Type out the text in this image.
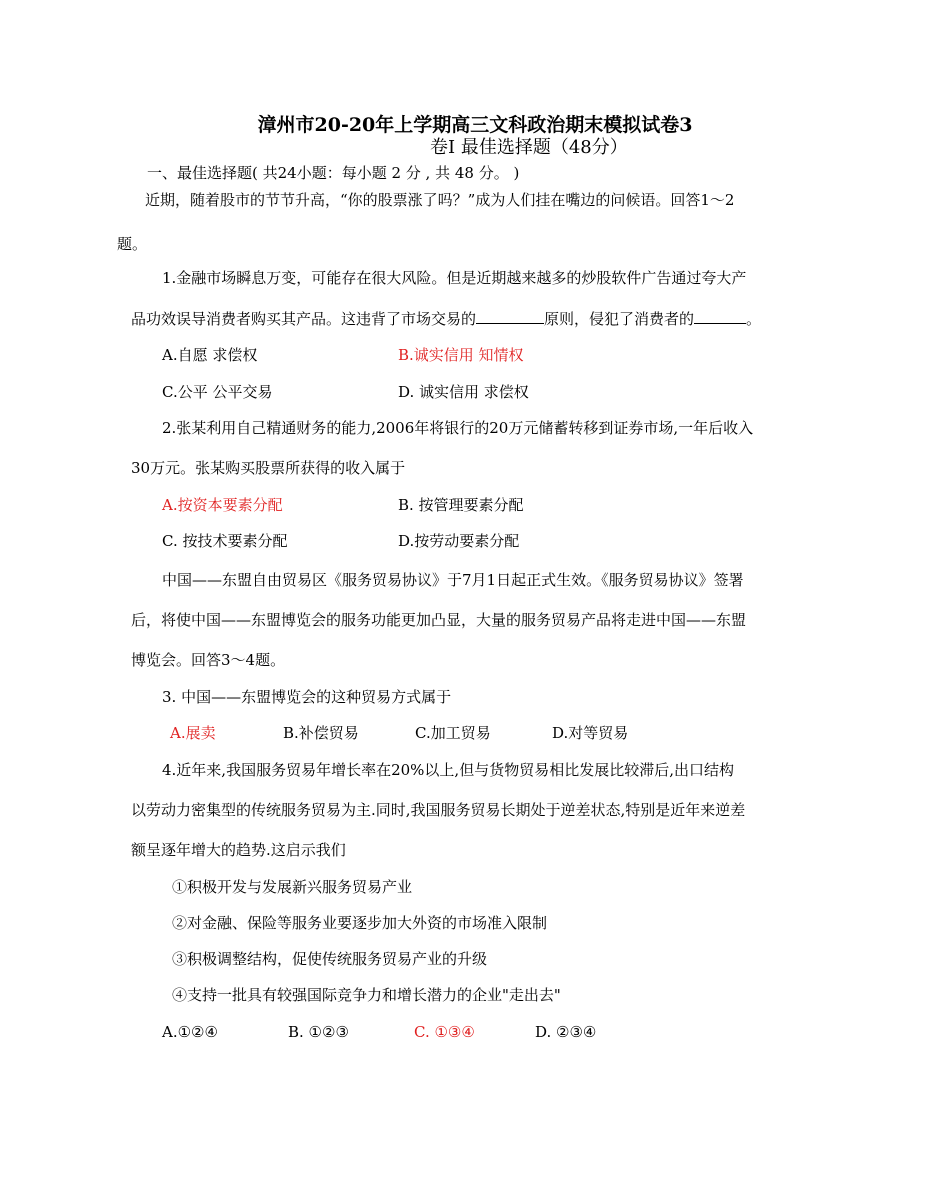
漳州市20-20年上学期高三文科政治期末模拟试卷3
卷Ⅰ 最佳选择题（48分）
一、最佳选择题( 共24小题：每小题 2 分 , 共 48 分。 )
近期，随着股市的节节升高，“你的股票涨了吗？”成为人们挂在嘴边的问候语。回答1～2
题。
1.金融市场瞬息万变，可能存在很大风险。但是近期越来越多的炒股软件广告通过夸大产
品功效误导消费者购买其产品。这违背了市场交易的	原则，侵犯了消费者的	。
A.自愿 求偿权	B.诚实信用 知情权
C.公平 公平交易	D. 诚实信用 求偿权
2.张某利用自己精通财务的能力,2006年将银行的20万元储蓄转移到证券市场,一年后收入
30万元。张某购买股票所获得的收入属于
A.按资本要素分配	B. 按管理要素分配
C. 按技术要素分配	D.按劳动要素分配
中国——东盟自由贸易区《服务贸易协议》于7月1日起正式生效。《服务贸易协议》签署
后，将使中国——东盟博览会的服务功能更加凸显，大量的服务贸易产品将走进中国——东盟
博览会。回答3～4题。
3. 中国——东盟博览会的这种贸易方式属于
A.展卖	B.补偿贸易	C.加工贸易	D.对等贸易
4.近年来,我国服务贸易年增长率在20%以上,但与货物贸易相比发展比较滞后,出口结构
以劳动力密集型的传统服务贸易为主.同时,我国服务贸易长期处于逆差状态,特别是近年来逆差
额呈逐年增大的趋势.这启示我们
①积极开发与发展新兴服务贸易产业
②对金融、保险等服务业要逐步加大外资的市场准入限制
③积极调整结构，促使传统服务贸易产业的升级
④支持一批具有较强国际竞争力和增长潜力的企业"走出去"
A.①②④	B. ①②③	C. ①③④	D. ②③④
